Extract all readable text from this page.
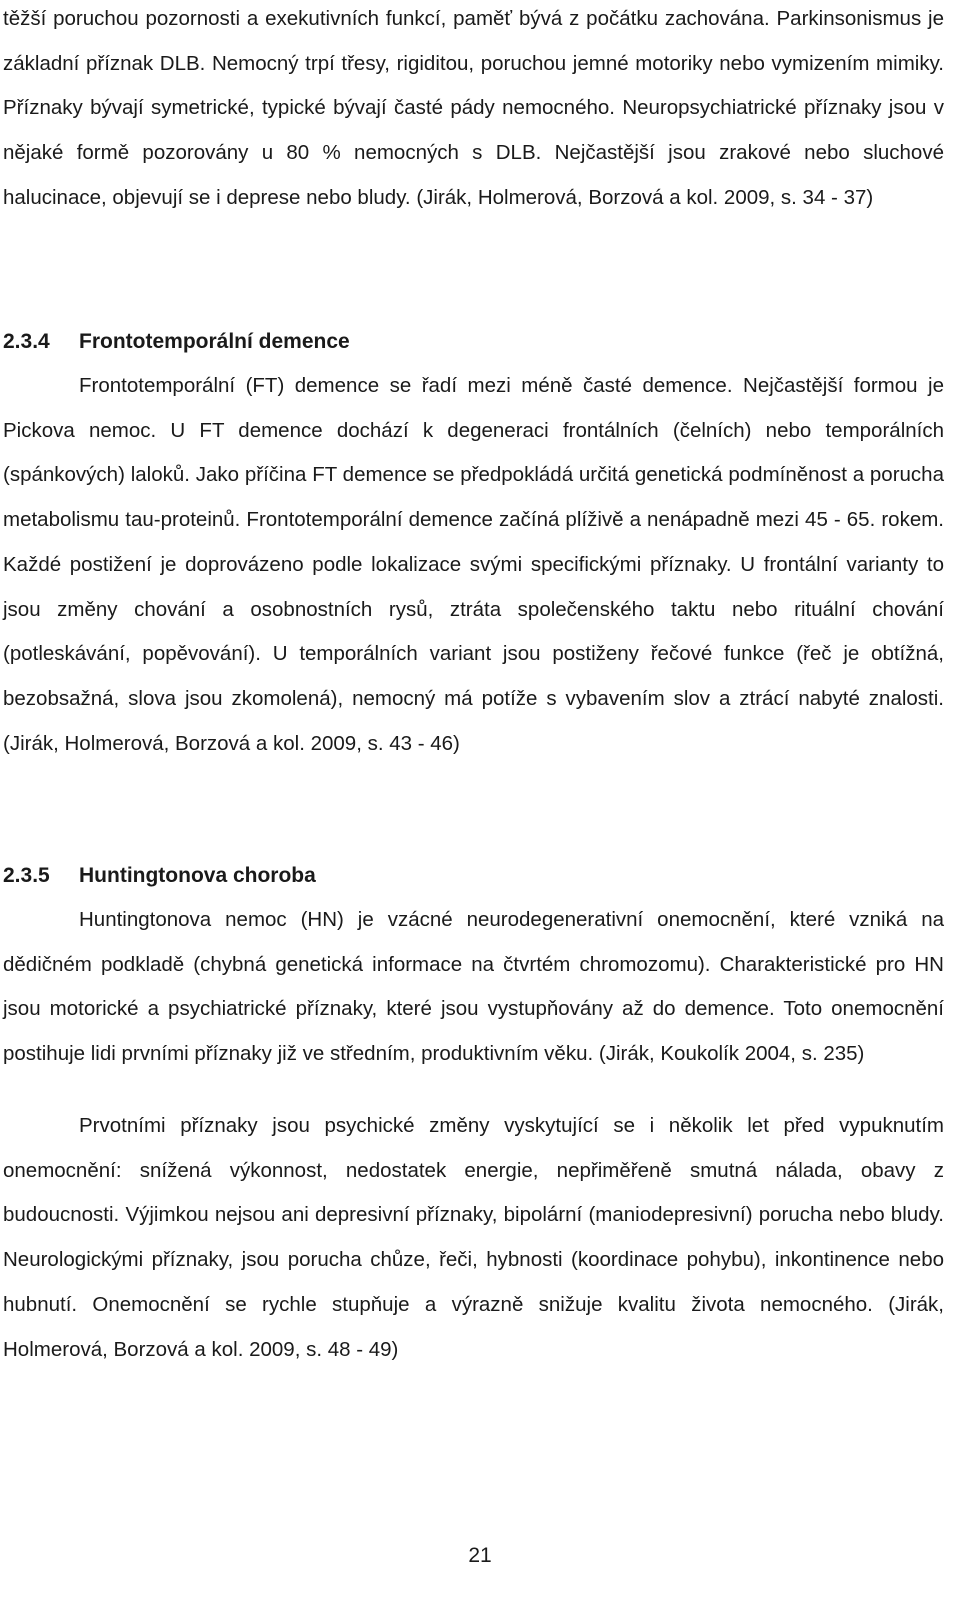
těžší poruchou pozornosti a exekutivních funkcí, paměť bývá z počátku zachována. Parkinsonismus je základní příznak DLB. Nemocný trpí třesy, rigiditou, poruchou jemné motoriky nebo vymizením mimiky. Příznaky bývají symetrické, typické bývají časté pády nemocného. Neuropsychiatrické příznaky jsou v nějaké formě pozorovány u 80 % nemocných s DLB. Nejčastější jsou zrakové nebo sluchové halucinace, objevují se i deprese nebo bludy. (Jirák, Holmerová, Borzová a kol. 2009, s. 34 - 37)

2.3.4 Frontotemporální demence

Frontotemporální (FT) demence se řadí mezi méně časté demence. Nejčastější formou je Pickova nemoc. U FT demence dochází k degeneraci frontálních (čelních) nebo temporálních (spánkových) laloků. Jako příčina FT demence se předpokládá určitá genetická podmíněnost a porucha metabolismu tau-proteinů. Frontotemporální demence začíná plíživě a nenápadně mezi 45 - 65. rokem. Každé postižení je doprovázeno podle lokalizace svými specifickými příznaky. U frontální varianty to jsou změny chování a osobnostních rysů, ztráta společenského taktu nebo rituální chování (potleskávání, popěvování). U temporálních variant jsou postiženy řečové funkce (řeč je obtížná, bezobsažná, slova jsou zkomolená), nemocný má potíže s vybavením slov a ztrácí nabyté znalosti. (Jirák, Holmerová, Borzová a kol. 2009, s. 43 - 46)

2.3.5 Huntingtonova choroba

Huntingtonova nemoc (HN) je vzácné neurodegenerativní onemocnění, které vzniká na dědičném podkladě (chybná genetická informace na čtvrtém chromozomu). Charakteristické pro HN jsou motorické a psychiatrické příznaky, které jsou vystupňovány až do demence. Toto onemocnění postihuje lidi prvními příznaky již ve středním, produktivním věku. (Jirák, Koukolík 2004, s. 235)

Prvotními příznaky jsou psychické změny vyskytující se i několik let před vypuknutím onemocnění: snížená výkonnost, nedostatek energie, nepřiměřeně smutná nálada, obavy z budoucnosti. Výjimkou nejsou ani depresivní příznaky, bipolární (maniodepresivní) porucha nebo bludy. Neurologickými příznaky, jsou porucha chůze, řeči, hybnosti (koordinace pohybu), inkontinence nebo hubnutí. Onemocnění se rychle stupňuje a výrazně snižuje kvalitu života nemocného. (Jirák, Holmerová, Borzová a kol. 2009, s. 48 - 49)

21
